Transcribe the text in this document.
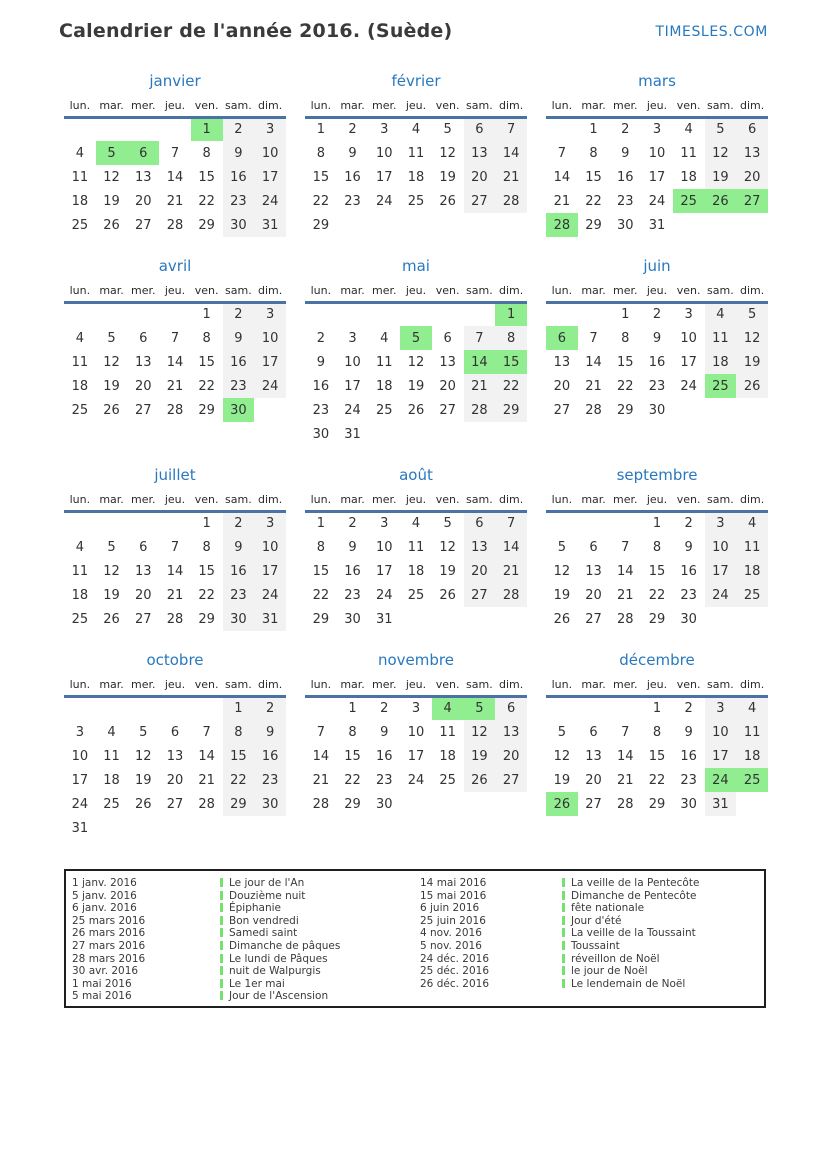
Calendrier de l'année 2016. (Suède)	TIMESLES.COM
janvier
lun.	mar.	mer.	jeu.	ven.	sam.	dim.
				1	2	3
4	5	6	7	8	9	10
11	12	13	14	15	16	17
18	19	20	21	22	23	24
25	26	27	28	29	30	31
février
lun.	mar.	mer.	jeu.	ven.	sam.	dim.
1	2	3	4	5	6	7
8	9	10	11	12	13	14
15	16	17	18	19	20	21
22	23	24	25	26	27	28
29						
mars
lun.	mar.	mer.	jeu.	ven.	sam.	dim.
	1	2	3	4	5	6
7	8	9	10	11	12	13
14	15	16	17	18	19	20
21	22	23	24	25	26	27
28	29	30	31			
avril
lun.	mar.	mer.	jeu.	ven.	sam.	dim.
				1	2	3
4	5	6	7	8	9	10
11	12	13	14	15	16	17
18	19	20	21	22	23	24
25	26	27	28	29	30	
mai
lun.	mar.	mer.	jeu.	ven.	sam.	dim.
						1
2	3	4	5	6	7	8
9	10	11	12	13	14	15
16	17	18	19	20	21	22
23	24	25	26	27	28	29
30	31					
juin
lun.	mar.	mer.	jeu.	ven.	sam.	dim.
		1	2	3	4	5
6	7	8	9	10	11	12
13	14	15	16	17	18	19
20	21	22	23	24	25	26
27	28	29	30			
juillet
lun.	mar.	mer.	jeu.	ven.	sam.	dim.
				1	2	3
4	5	6	7	8	9	10
11	12	13	14	15	16	17
18	19	20	21	22	23	24
25	26	27	28	29	30	31
août
lun.	mar.	mer.	jeu.	ven.	sam.	dim.
1	2	3	4	5	6	7
8	9	10	11	12	13	14
15	16	17	18	19	20	21
22	23	24	25	26	27	28
29	30	31				
septembre
lun.	mar.	mer.	jeu.	ven.	sam.	dim.
			1	2	3	4
5	6	7	8	9	10	11
12	13	14	15	16	17	18
19	20	21	22	23	24	25
26	27	28	29	30		
octobre
lun.	mar.	mer.	jeu.	ven.	sam.	dim.
					1	2
3	4	5	6	7	8	9
10	11	12	13	14	15	16
17	18	19	20	21	22	23
24	25	26	27	28	29	30
31						
novembre
lun.	mar.	mer.	jeu.	ven.	sam.	dim.
	1	2	3	4	5	6
7	8	9	10	11	12	13
14	15	16	17	18	19	20
21	22	23	24	25	26	27
28	29	30				
décembre
lun.	mar.	mer.	jeu.	ven.	sam.	dim.
			1	2	3	4
5	6	7	8	9	10	11
12	13	14	15	16	17	18
19	20	21	22	23	24	25
26	27	28	29	30	31	
1 janv. 2016	Le jour de l'An
5 janv. 2016	Douzième nuit
6 janv. 2016	Épiphanie
25 mars 2016	Bon vendredi
26 mars 2016	Samedi saint
27 mars 2016	Dimanche de pâques
28 mars 2016	Le lundi de Pâques
30 avr. 2016	nuit de Walpurgis
1 mai 2016	Le 1er mai
5 mai 2016	Jour de l'Ascension
14 mai 2016	La veille de la Pentecôte
15 mai 2016	Dimanche de Pentecôte
6 juin 2016	fête nationale
25 juin 2016	Jour d'été
4 nov. 2016	La veille de la Toussaint
5 nov. 2016	Toussaint
24 déc. 2016	réveillon de Noël
25 déc. 2016	le jour de Noël
26 déc. 2016	Le lendemain de Noël
